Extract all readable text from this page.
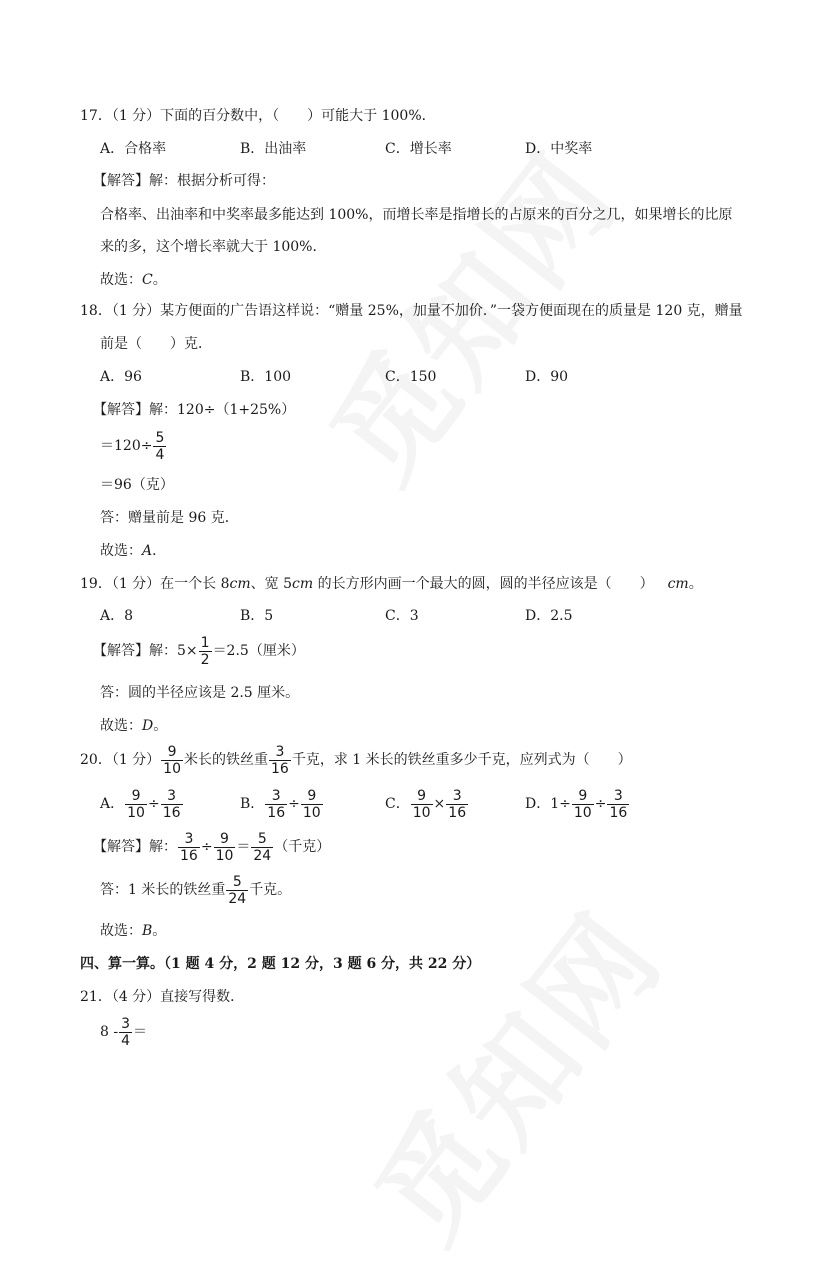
17．（1 分）下面的百分数中，（　　）可能大于 100%．
A．合格率	B．出油率	C．增长率	D．中奖率
【解答】解：根据分析可得：
合格率、出油率和中奖率最多能达到 100%，而增长率是指增长的占原来的百分之几，如果增长的比原
来的多，这个增长率就大于 100%．
故选：C。
18．（1 分）某方便面的广告语这样说：“赠量 25%，加量不加价．”一袋方便面现在的质量是 120 克，赠量
前是（　　）克．
A．96	B．100	C．150	D．90
【解答】解：120÷（1+25%）
$=120\div \frac{5}{4}$
＝96（克）
答：赠量前是 96 克．
故选：A．
19．（1 分）在一个长 8cm、宽 5cm 的长方形内画一个最大的圆，圆的半径应该是（　　） cm。
A．8	B．5	C．3	D．2.5
【解答】解：$5\times \frac{1}{2} =2.5$（厘米）
答：圆的半径应该是 2.5 厘米。
故选：D。
20．（1 分） $\frac{9}{10}$ 米长的铁丝重 $\frac{3}{16}$ 千克，求 1 米长的铁丝重多少千克，应列式为（　　）
A． $\frac{9}{10} \div \frac{3}{16}$	B． $\frac{3}{16} \div \frac{9}{10}$	C． $\frac{9}{10} \times \frac{3}{16}$	D．$1\div \frac{9}{10} \div \frac{3}{16}$
【解答】解： $\frac{3}{16} \div \frac{9}{10} = \frac{5}{24}$ （千克）
答：1 米长的铁丝重 $\frac{5}{24}$ 千克。
故选：B。
四、算一算。（1 题 4 分，2 题 12 分，3 题 6 分，共 22 分）
21．（4 分）直接写得数．
$8 - \frac{3}{4}$ ＝
